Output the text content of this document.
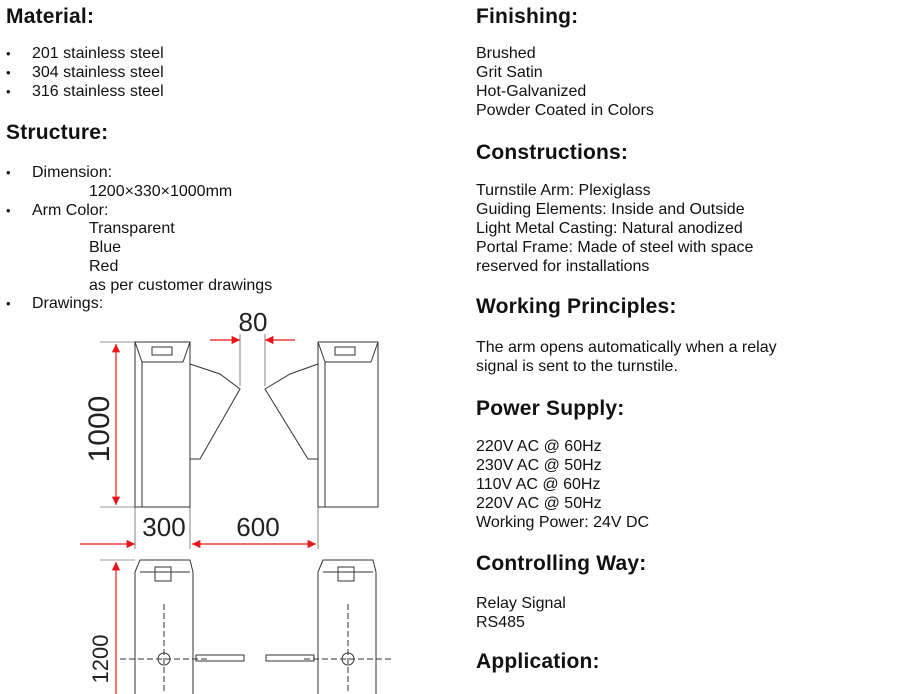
Material:
201 stainless steel
304 stainless steel
316 stainless steel
Structure:
Dimension:
1200×330×1000mm
Arm Color:
Transparent
Blue
Red
as per customer drawings
Drawings:
80
1000
300 600
1200
Finishing:
Brushed
Grit Satin
Hot-Galvanized
Powder Coated in Colors
Constructions:
Turnstile Arm: Plexiglass
Guiding Elements: Inside and Outside
Light Metal Casting: Natural anodized
Portal Frame: Made of steel with space
reserved for installations
Working Principles:
The arm opens automatically when a relay
signal is sent to the turnstile.
Power Supply:
220V AC @ 60Hz
230V AC @ 50Hz
110V AC @ 60Hz
220V AC @ 50Hz
Working Power: 24V DC
Controlling Way:
Relay Signal
RS485
Application:
